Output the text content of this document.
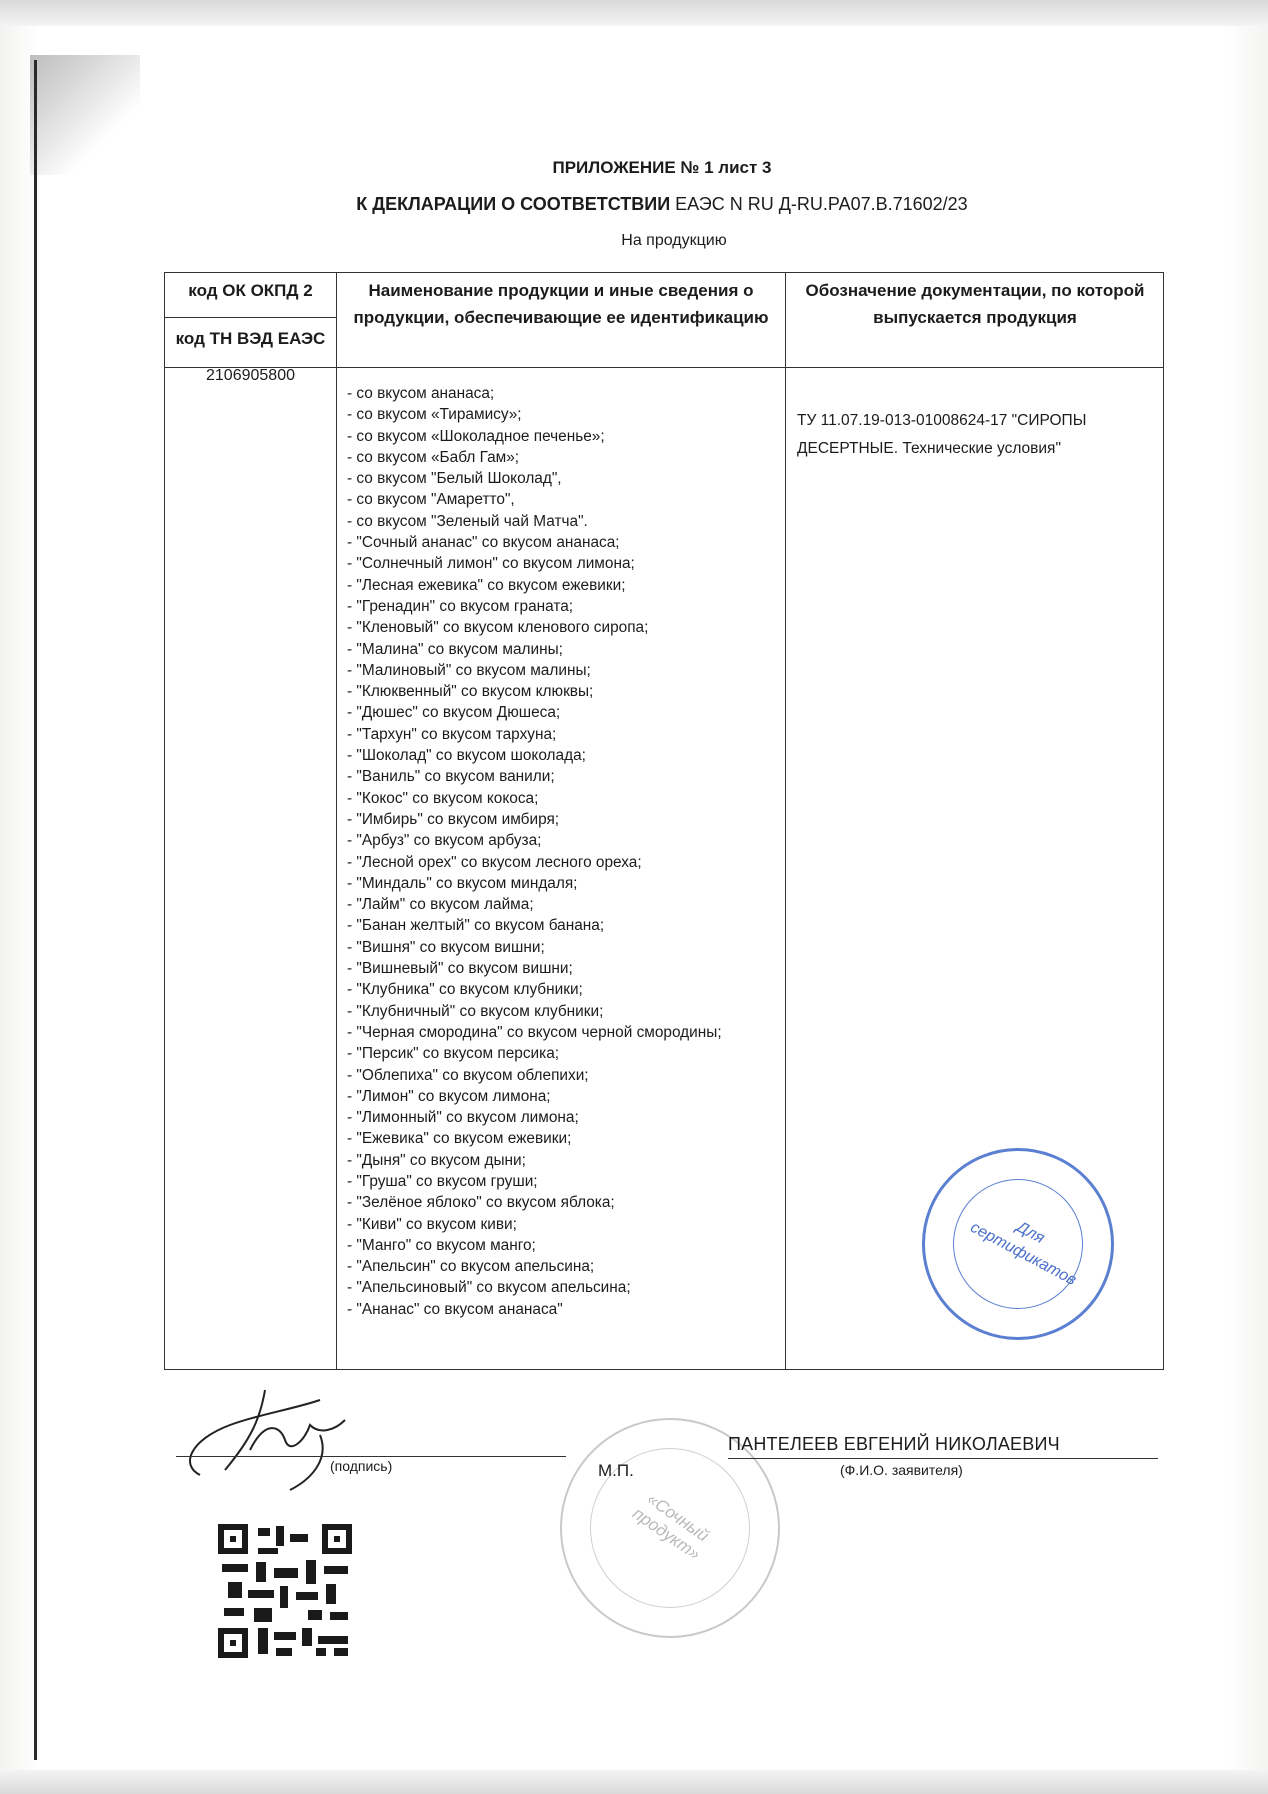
ПРИЛОЖЕНИЕ № 1 лист 3
К ДЕКЛАРАЦИИ О СООТВЕТСТВИИ ЕАЭС N RU Д-RU.PA07.B.71602/23
На продукцию
код ОК ОКПД 2
код ТН ВЭД ЕАЭС
Наименование продукции и иные сведения о продукции, обеспечивающие ее идентификацию
Обозначение документации, по которой выпускается продукция
2106905800
- со вкусом ананаса;
- со вкусом «Тирамису»;
- со вкусом «Шоколадное печенье»;
- со вкусом «Бабл Гам»;
- со вкусом "Белый Шоколад",
- со вкусом "Амаретто",
- со вкусом "Зеленый чай Матча".
- "Сочный ананас" со вкусом ананаса;
- "Солнечный лимон" со вкусом лимона;
- "Лесная ежевика" со вкусом ежевики;
- "Гренадин" со вкусом граната;
- "Кленовый" со вкусом кленового сиропа;
- "Малина" со вкусом малины;
- "Малиновый" со вкусом малины;
- "Клюквенный" со вкусом клюквы;
- "Дюшес" со вкусом Дюшеса;
- "Тархун" со вкусом тархуна;
- "Шоколад" со вкусом шоколада;
- "Ваниль" со вкусом ванили;
- "Кокос" со вкусом кокоса;
- "Имбирь" со вкусом имбиря;
- "Арбуз" со вкусом арбуза;
- "Лесной орех" со вкусом лесного ореха;
- "Миндаль" со вкусом миндаля;
- "Лайм" со вкусом лайма;
- "Банан желтый" со вкусом банана;
- "Вишня" со вкусом вишни;
- "Вишневый" со вкусом вишни;
- "Клубника" со вкусом клубники;
- "Клубничный" со вкусом клубники;
- "Черная смородина" со вкусом черной смородины;
- "Персик" со вкусом персика;
- "Облепиха" со вкусом облепихи;
- "Лимон" со вкусом лимона;
- "Лимонный" со вкусом лимона;
- "Ежевика" со вкусом ежевики;
- "Дыня" со вкусом дыни;
- "Груша" со вкусом груши;
- "Зелёное яблоко" со вкусом яблока;
- "Киви" со вкусом киви;
- "Манго" со вкусом манго;
- "Апельсин" со вкусом апельсина;
- "Апельсиновый" со вкусом апельсина;
- "Ананас" со вкусом ананаса"
ТУ 11.07.19-013-01008624-17 "СИРОПЫ ДЕСЕРТНЫЕ. Технические условия"
Для сертификатов
«Сочный продукт»
(подпись)	М.П.
ПАНТЕЛЕЕВ ЕВГЕНИЙ НИКОЛАЕВИЧ
(Ф.И.О. заявителя)
